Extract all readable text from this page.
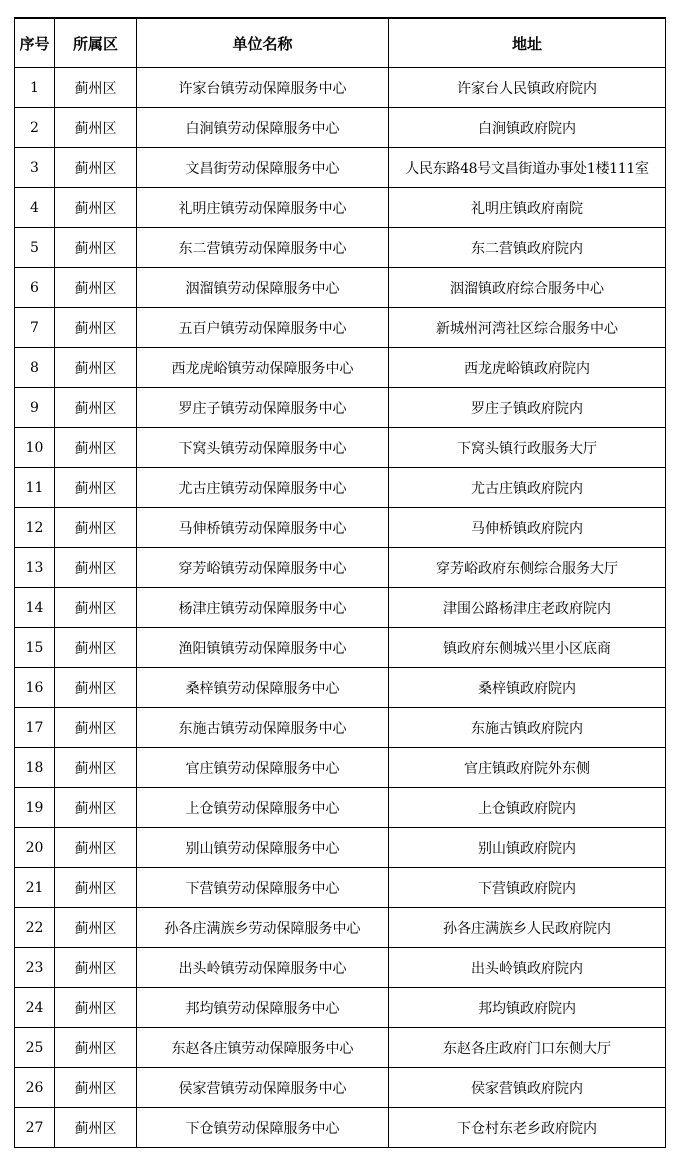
序号	所属区	单位名称	地址
1	蓟州区	许家台镇劳动保障服务中心	许家台人民镇政府院内
2	蓟州区	白涧镇劳动保障服务中心	白涧镇政府院内
3	蓟州区	文昌街劳动保障服务中心	人民东路48号文昌街道办事处1楼111室
4	蓟州区	礼明庄镇劳动保障服务中心	礼明庄镇政府南院
5	蓟州区	东二营镇劳动保障服务中心	东二营镇政府院内
6	蓟州区	洇溜镇劳动保障服务中心	洇溜镇政府综合服务中心
7	蓟州区	五百户镇劳动保障服务中心	新城州河湾社区综合服务中心
8	蓟州区	西龙虎峪镇劳动保障服务中心	西龙虎峪镇政府院内
9	蓟州区	罗庄子镇劳动保障服务中心	罗庄子镇政府院内
10	蓟州区	下窝头镇劳动保障服务中心	下窝头镇行政服务大厅
11	蓟州区	尤古庄镇劳动保障服务中心	尤古庄镇政府院内
12	蓟州区	马伸桥镇劳动保障服务中心	马伸桥镇政府院内
13	蓟州区	穿芳峪镇劳动保障服务中心	穿芳峪政府东侧综合服务大厅
14	蓟州区	杨津庄镇劳动保障服务中心	津围公路杨津庄老政府院内
15	蓟州区	渔阳镇镇劳动保障服务中心	镇政府东侧城兴里小区底商
16	蓟州区	桑梓镇劳动保障服务中心	桑梓镇政府院内
17	蓟州区	东施古镇劳动保障服务中心	东施古镇政府院内
18	蓟州区	官庄镇劳动保障服务中心	官庄镇政府院外东侧
19	蓟州区	上仓镇劳动保障服务中心	上仓镇政府院内
20	蓟州区	别山镇劳动保障服务中心	别山镇政府院内
21	蓟州区	下营镇劳动保障服务中心	下营镇政府院内
22	蓟州区	孙各庄满族乡劳动保障服务中心	孙各庄满族乡人民政府院内
23	蓟州区	出头岭镇劳动保障服务中心	出头岭镇政府院内
24	蓟州区	邦均镇劳动保障服务中心	邦均镇政府院内
25	蓟州区	东赵各庄镇劳动保障服务中心	东赵各庄政府门口东侧大厅
26	蓟州区	侯家营镇劳动保障服务中心	侯家营镇政府院内
27	蓟州区	下仓镇劳动保障服务中心	下仓村东老乡政府院内
